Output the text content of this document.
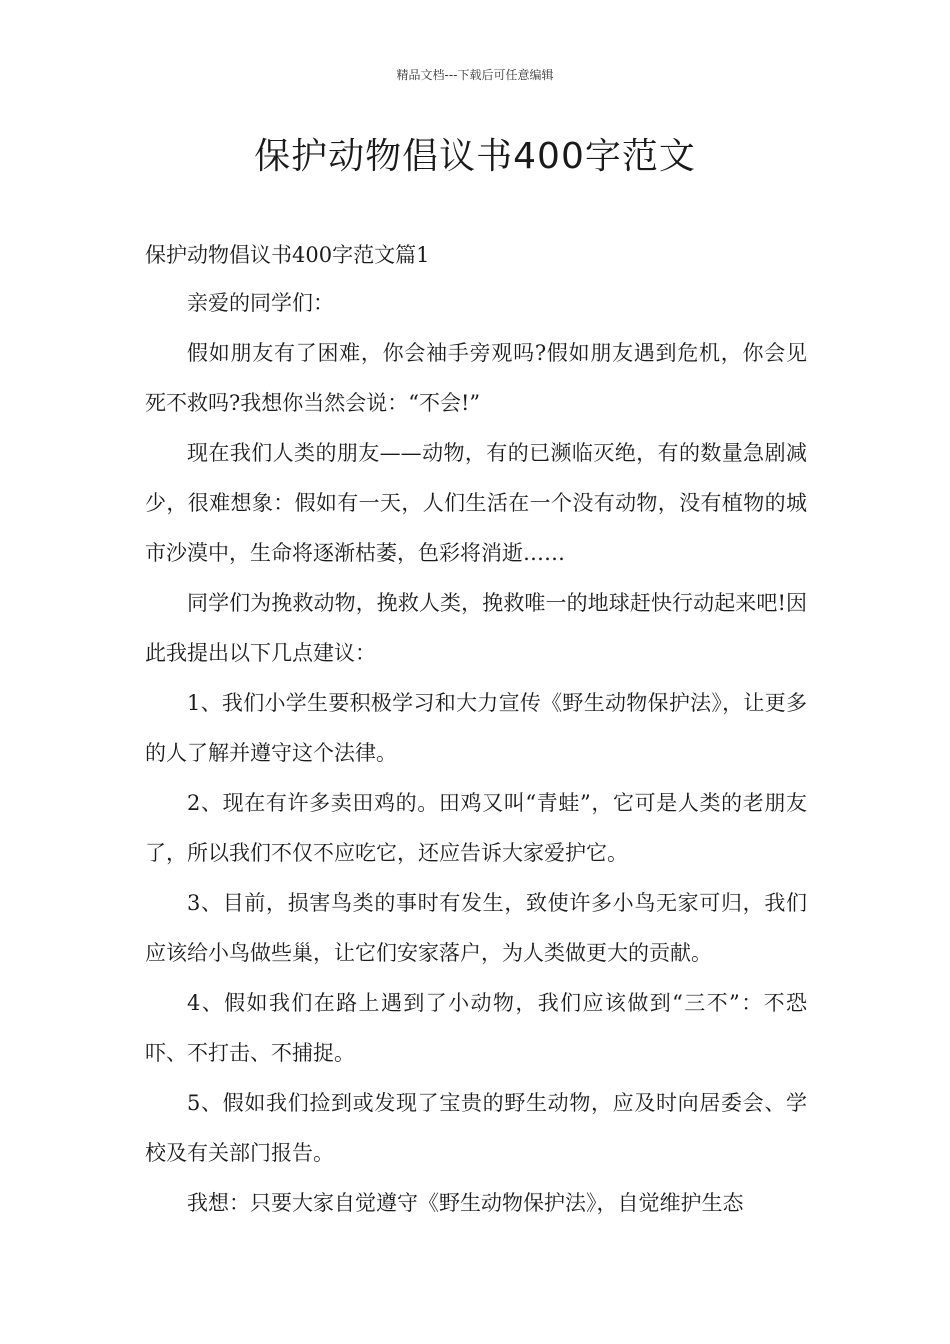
精品文档---下载后可任意编辑
保护动物倡议书400字范文
保护动物倡议书400字范文篇1

亲爱的同学们：

假如朋友有了困难，你会袖手旁观吗?假如朋友遇到危机，你会见死不救吗?我想你当然会说：“不会!”

现在我们人类的朋友——动物，有的已濒临灭绝，有的数量急剧减少，很难想象：假如有一天，人们生活在一个没有动物，没有植物的城市沙漠中，生命将逐渐枯萎，色彩将消逝……

同学们为挽救动物，挽救人类，挽救唯一的地球赶快行动起来吧!因此我提出以下几点建议：

1、我们小学生要积极学习和大力宣传《野生动物保护法》，让更多的人了解并遵守这个法律。

2、现在有许多卖田鸡的。田鸡又叫“青蛙”，它可是人类的老朋友了，所以我们不仅不应吃它，还应告诉大家爱护它。

3、目前，损害鸟类的事时有发生，致使许多小鸟无家可归，我们应该给小鸟做些巢，让它们安家落户，为人类做更大的贡献。

4、假如我们在路上遇到了小动物，我们应该做到“三不”：不恐吓、不打击、不捕捉。

5、假如我们捡到或发现了宝贵的野生动物，应及时向居委会、学校及有关部门报告。

我想：只要大家自觉遵守《野生动物保护法》，自觉维护生态
